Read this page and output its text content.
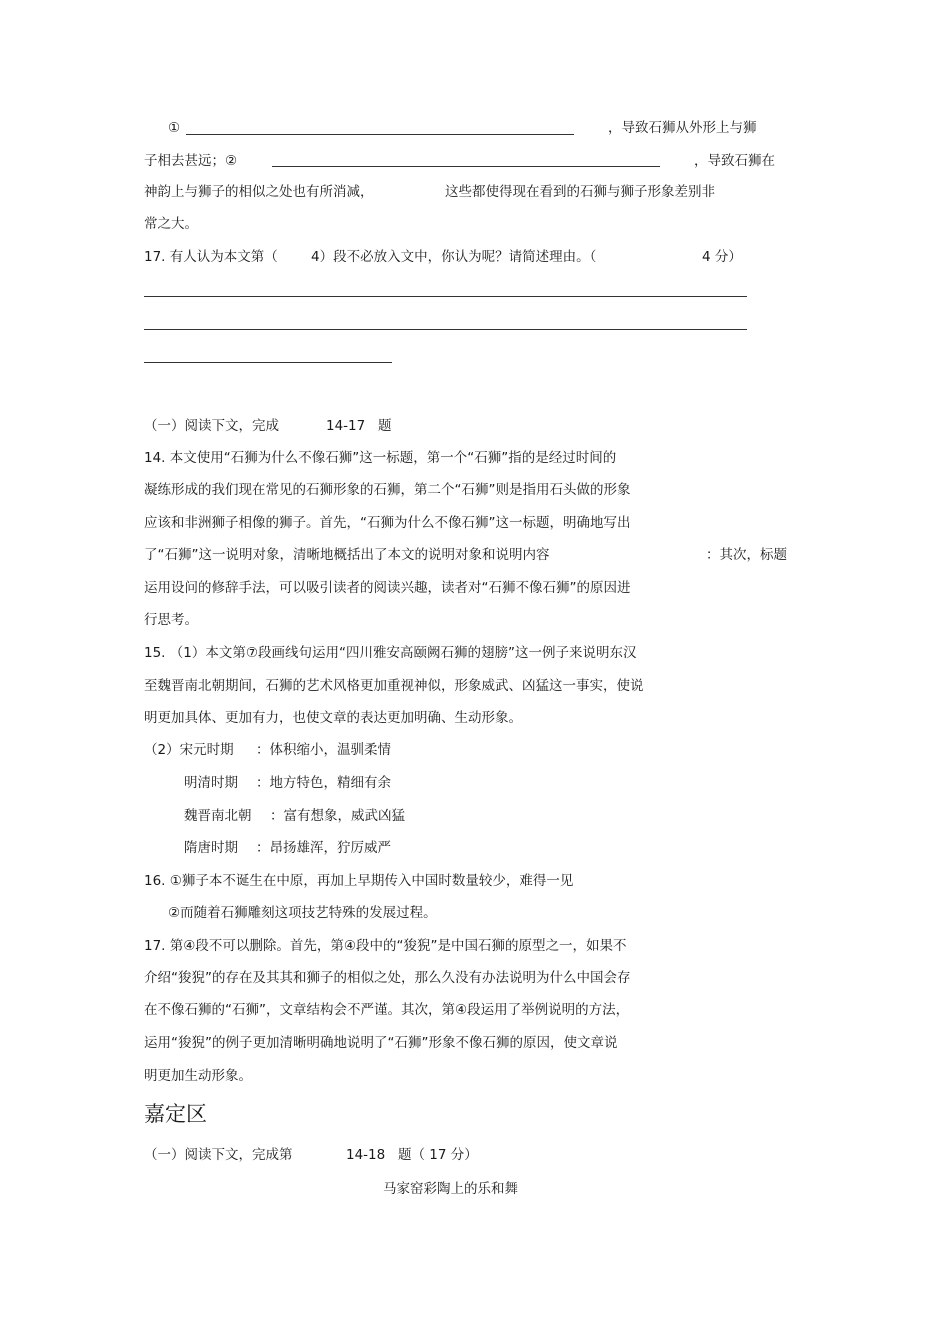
①	，导致石狮从外形上与狮
子相去甚远；②	，导致石狮在
神韵上与狮子的相似之处也有所消减，	这些都使得现在看到的石狮与狮子形象差别非
常之大。
17. 有人认为本文第（ 4）段不必放入文中，你认为呢？请简述理由。（	4 分）
（一）阅读下文，完成	14-17 题
14. 本文使用“石狮为什么不像石狮”这一标题，第一个“石狮”指的是经过时间的
凝练形成的我们现在常见的石狮形象的石狮，第二个“石狮”则是指用石头做的形象
应该和非洲狮子相像的狮子。首先，“石狮为什么不像石狮”这一标题，明确地写出
了“石狮”这一说明对象，清晰地概括出了本文的说明对象和说明内容	：其次，标题
运用设问的修辞手法，可以吸引读者的阅读兴趣，读者对“石狮不像石狮”的原因进
行思考。
15. （1）本文第⑦段画线句运用“四川雅安高颐阙石狮的翅膀”这一例子来说明东汉
至魏晋南北朝期间，石狮的艺术风格更加重视神似，形象威武、凶猛这一事实，使说
明更加具体、更加有力，也使文章的表达更加明确、生动形象。
（2）宋元时期 ：体积缩小，温驯柔情
明清时期 ：地方特色，精细有余
魏晋南北朝 ：富有想象，威武凶猛
隋唐时期 ：昂扬雄浑，狞厉威严
16. ①狮子本不诞生在中原，再加上早期传入中国时数量较少，难得一见
②而随着石狮雕刻这项技艺特殊的发展过程。
17. 第④段不可以删除。首先，第④段中的“狻猊”是中国石狮的原型之一，如果不
介绍“狻猊”的存在及其其和狮子的相似之处，那么久没有办法说明为什么中国会存
在不像石狮的“石狮”，文章结构会不严谨。其次，第④段运用了举例说明的方法，
运用“狻猊”的例子更加清晰明确地说明了“石狮”形象不像石狮的原因，使文章说
明更加生动形象。
嘉定区
（一）阅读下文，完成第	14-18 题（ 17 分）
马家窑彩陶上的乐和舞
